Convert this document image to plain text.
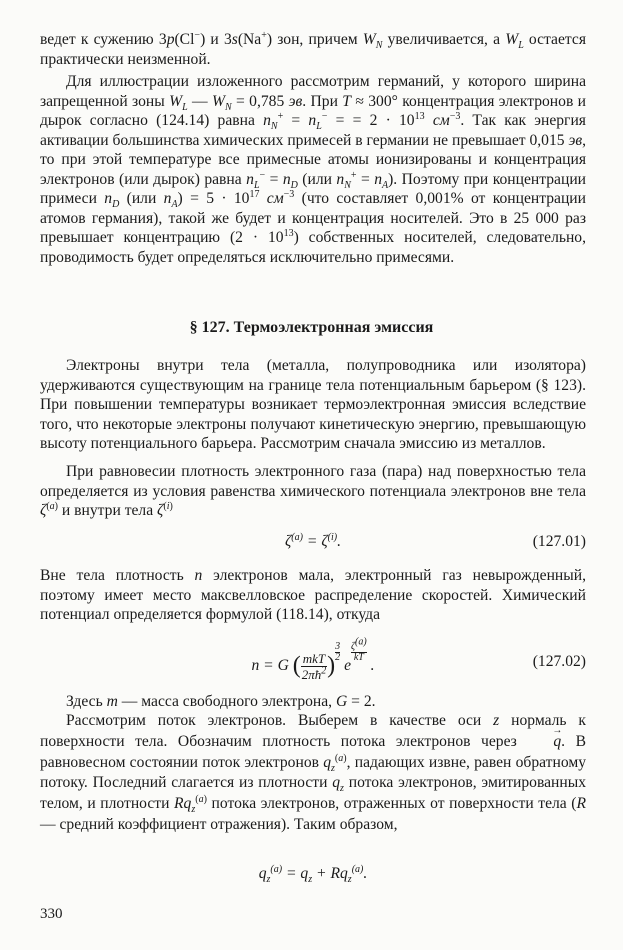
ведет к сужению 3p(Cl−) и 3s(Na+) зон, причем $W_N$ увеличивается, а $W_L$ остается практически неизменной.

Для иллюстрации изложенного рассмотрим германий, у которого ширина запрещенной зоны $W_L$ — $W_N = 0,785$ эв. При T ≈ 300° концентрация электронов и дырок согласно (124.14) равна $n_N^+ = n_L^-$ = = $2 \cdot 10^{13}$ $см^{-3}$. Так как энергия активации большинства химических примесей в германии не превышает 0,015 эв, то при этой температуре все примесные атомы ионизированы и концентрация электронов (или дырок) равна $n_L^- = n_D$ (или $n_N^+ = n_A$). Поэтому при концентрации примеси $n_D$ (или $n_A) = 5 \cdot 10^{17}$ $см^{-3}$ (что составляет 0,001% от концентрации атомов германия), такой же будет и концентрация носителей. Это в 25 000 раз превышает концентрацию $(2 \cdot 10^{13})$ собственных носителей, следовательно, проводимость будет определяться исключительно примесями.

§ 127. Термоэлектронная эмиссия

Электроны внутри тела (металла, полупроводника или изолятора) удерживаются существующим на границе тела потенциальным барьером (§ 123). При повышении температуры возникает термоэлектронная эмиссия вследствие того, что некоторые электроны получают кинетическую энергию, превышающую высоту потенциального барьера. Рассмотрим сначала эмиссию из металлов.

При равновесии плотность электронного газа (пара) над поверхностью тела определяется из условия равенства химического потенциала электронов вне тела $\zeta^{(a)}$ и внутри тела $\zeta^{(i)}$

$\zeta^{(a)} = \zeta^{(i)}$.	(127.01)

Вне тела плотность n электронов мала, электронный газ невырожденный, поэтому имеет место максвелловское распределение скоростей. Химический потенциал определяется формулой (118.14), откуда

n = G ( $\frac{\text{mkT}}{2\pi ħ^2}$ )
$\frac{3}{2}$
e
$\frac{\zeta^{(a)}}{kT}$
.	(127.02)

Здесь m — масса свободного электрона, G = 2.

Рассмотрим поток электронов. Выберем в качестве оси z нормаль к поверхности тела. Обозначим плотность потока электронов через → q. В равновесном состоянии поток электронов $q_z^{(a)}$, падающих извне, равен обратному потоку. Последний слагается из плотности $q_z$ потока электронов, эмитированных телом, и плотности $Rq_z^{(a)}$ потока электронов, отраженных от поверхности тела (R — средний коэффициент отражения). Таким образом,

$q_z^{(a)} = q_z + Rq_z^{(a)}$.
330
